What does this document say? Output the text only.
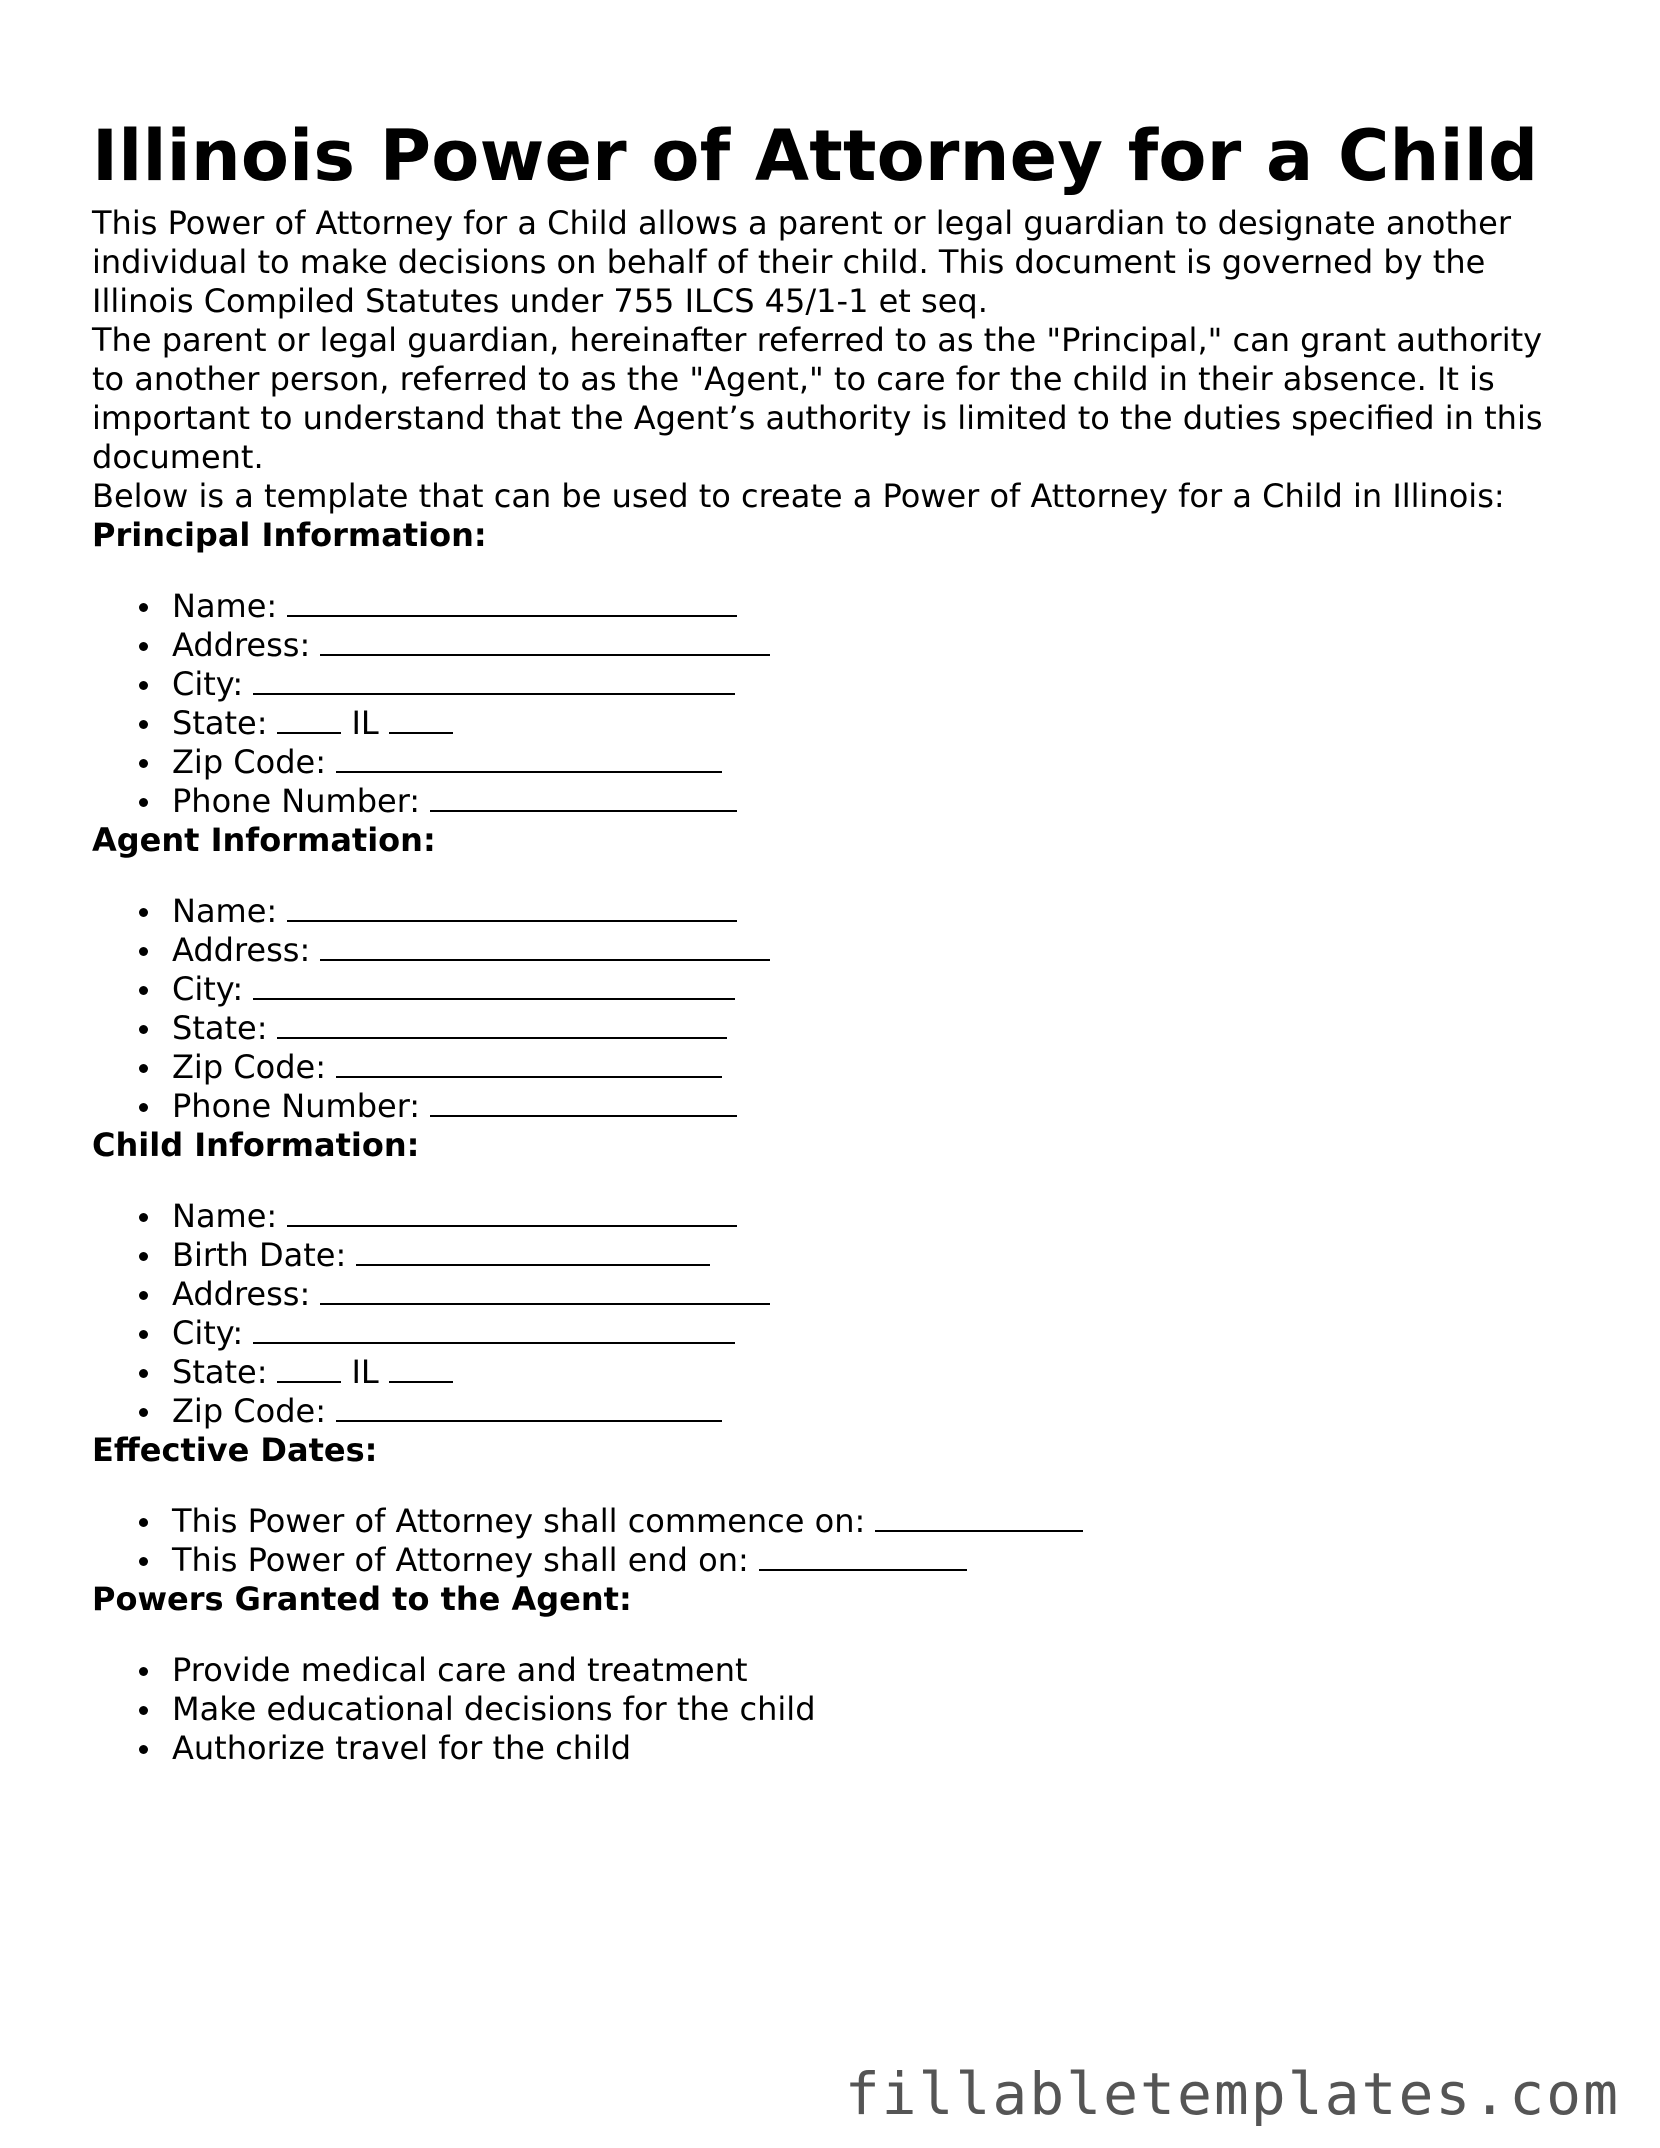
Illinois Power of Attorney for a Child

This Power of Attorney for a Child allows a parent or legal guardian to designate another individual to make decisions on behalf of their child. This document is governed by the Illinois Compiled Statutes under 755 ILCS 45/1-1 et seq.

The parent or legal guardian, hereinafter referred to as the "Principal," can grant authority to another person, referred to as the "Agent," to care for the child in their absence. It is important to understand that the Agent’s authority is limited to the duties specified in this document.

Below is a template that can be used to create a Power of Attorney for a Child in Illinois:

Principal Information:
Name:
Address:
City:
State:	IL
Zip Code:
Phone Number:
Agent Information:
Name:
Address:
City:
State:
Zip Code:
Phone Number:
Child Information:
Name:
Birth Date:
Address:
City:
State:	IL
Zip Code:
Effective Dates:
This Power of Attorney shall commence on:
This Power of Attorney shall end on:
Powers Granted to the Agent:
Provide medical care and treatment
Make educational decisions for the child
Authorize travel for the child
fillabletemplates.com
